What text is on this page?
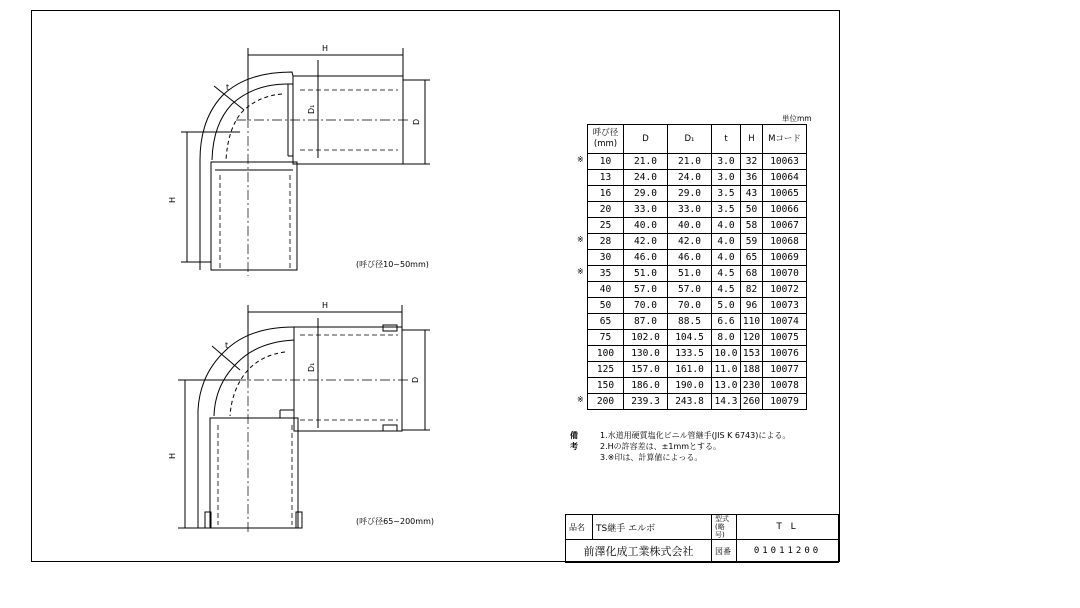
H
H
D
D₁
t
H
H
D
D₁
t
(呼び径10~50mm)
(呼び径65~200mm)
単位mm
※
※
※
※
呼び径
(mm)	D	D₁	t	H	Mコード
10	21.0	21.0	3.0	32	10063
13	24.0	24.0	3.0	36	10064
16	29.0	29.0	3.5	43	10065
20	33.0	33.0	3.5	50	10066
25	40.0	40.0	4.0	58	10067
28	42.0	42.0	4.0	59	10068
30	46.0	46.0	4.0	65	10069
35	51.0	51.0	4.5	68	10070
40	57.0	57.0	4.5	82	10072
50	70.0	70.0	5.0	96	10073
65	87.0	88.5	6.6	110	10074
75	102.0	104.5	8.0	120	10075
100	130.0	133.5	10.0	153	10076
125	157.0	161.0	11.0	188	10077
150	186.0	190.0	13.0	230	10078
200	239.3	243.8	14.3	260	10079
備考
1.水道用硬質塩化ビニル管継手(JIS K 6743)による。
2.Hの許容差は、±1mmとする。
3.※印は、計算値によっる。
品名	TS継手 エルボ	型式
(略号)	T L
前澤化成工業株式会社		図番	01011200
